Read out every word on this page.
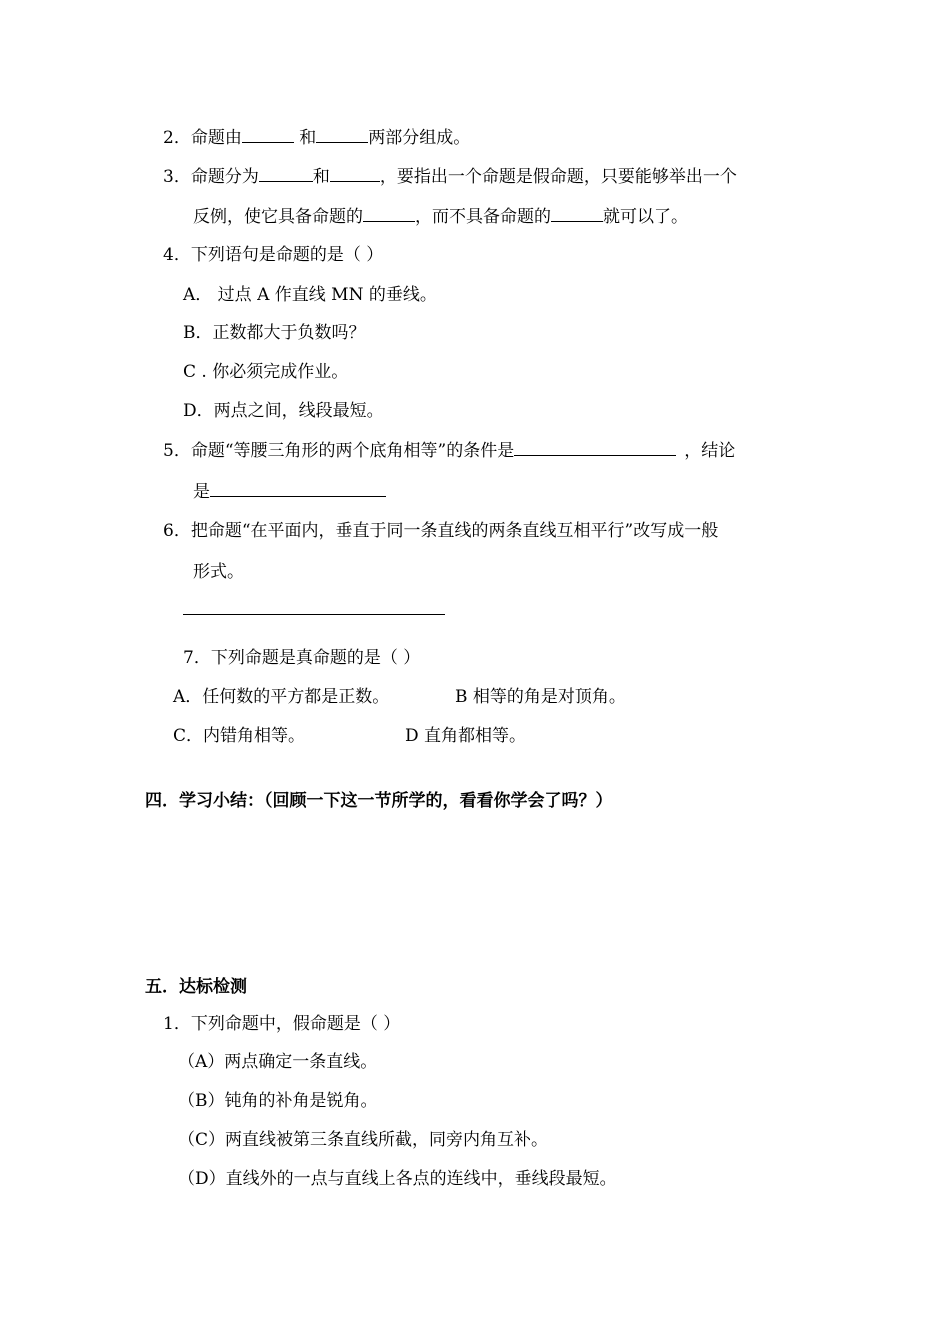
2．命题由	和	两部分组成。
3．命题分为	和	，要指出一个命题是假命题，只要能够举出一个
反例，使它具备命题的	，而不具备命题的	就可以了。
4．下列语句是命题的是（ ）
A． 过点 A 作直线 MN 的垂线。
B．正数都大于负数吗？
C . 你必须完成作业。
D．两点之间，线段最短。
5．命题“等腰三角形的两个底角相等”的条件是	，结论
是
6．把命题“在平面内，垂直于同一条直线的两条直线互相平行”改写成一般
形式。
7．下列命题是真命题的是（ ）
A．任何数的平方都是正数。	B 相等的角是对顶角。
C．内错角相等。	D 直角都相等。
四．学习小结：（回顾一下这一节所学的，看看你学会了吗？）
五．达标检测
1．下列命题中，假命题是（ ）
（A）两点确定一条直线。
（B）钝角的补角是锐角。
（C）两直线被第三条直线所截，同旁内角互补。
（D）直线外的一点与直线上各点的连线中，垂线段最短。
